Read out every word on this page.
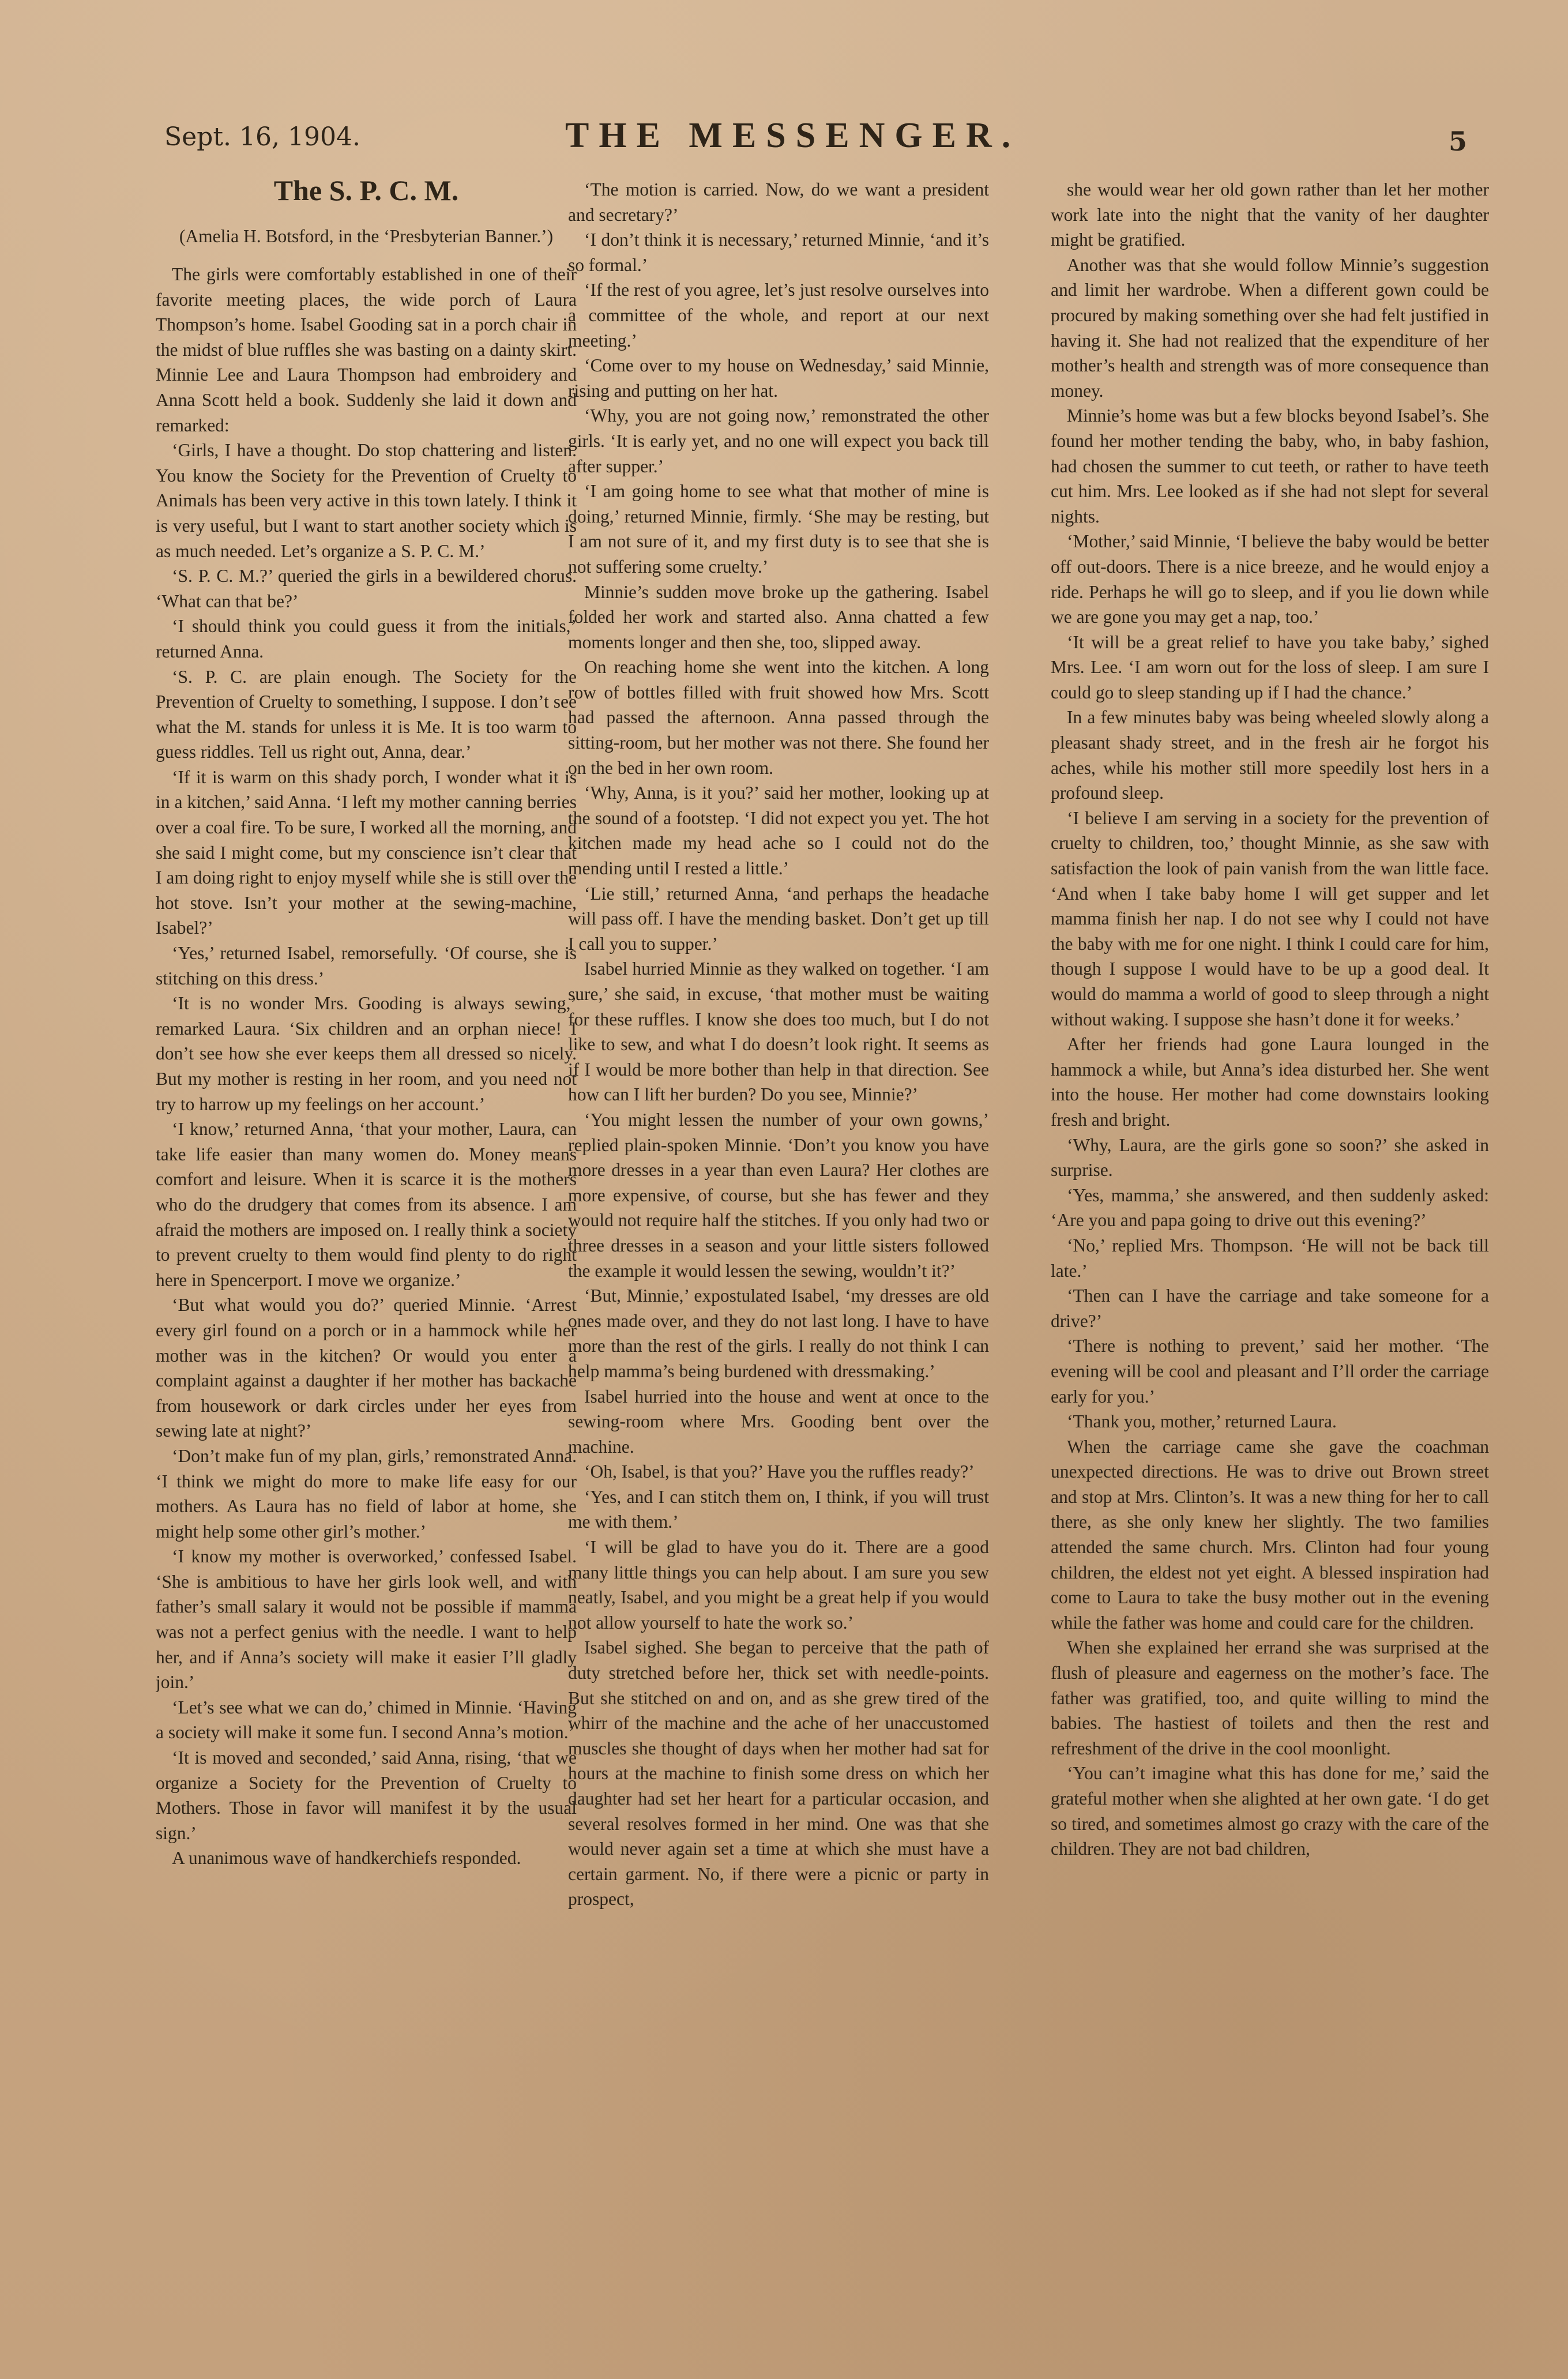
Sept. 16, 1904.	THE MESSENGER.	5

The S. P. C. M.

(Amelia H. Botsford, in the ‘Presbyterian Banner.’)

The girls were comfortably established in one of their favorite meeting places, the wide porch of Laura Thompson’s home. Isabel Gooding sat in a porch chair in the midst of blue ruffles she was basting on a dainty skirt. Minnie Lee and Laura Thompson had embroidery and Anna Scott held a book. Suddenly she laid it down and remarked:

‘Girls, I have a thought. Do stop chattering and listen. You know the Society for the Prevention of Cruelty to Animals has been very active in this town lately. I think it is very useful, but I want to start another society which is as much needed. Let’s organize a S. P. C. M.’

‘S. P. C. M.?’ queried the girls in a bewildered chorus. ‘What can that be?’

‘I should think you could guess it from the initials,’ returned Anna.

‘S. P. C. are plain enough. The Society for the Prevention of Cruelty to something, I suppose. I don’t see what the M. stands for unless it is Me. It is too warm to guess riddles. Tell us right out, Anna, dear.’

‘If it is warm on this shady porch, I wonder what it is in a kitchen,’ said Anna. ‘I left my mother canning berries over a coal fire. To be sure, I worked all the morning, and she said I might come, but my conscience isn’t clear that I am doing right to enjoy myself while she is still over the hot stove. Isn’t your mother at the sewing-machine, Isabel?’

‘Yes,’ returned Isabel, remorsefully. ‘Of course, she is stitching on this dress.’

‘It is no wonder Mrs. Gooding is always sewing,’ remarked Laura. ‘Six children and an orphan niece! I don’t see how she ever keeps them all dressed so nicely. But my mother is resting in her room, and you need not try to harrow up my feelings on her account.’

‘I know,’ returned Anna, ‘that your mother, Laura, can take life easier than many women do. Money means comfort and leisure. When it is scarce it is the mothers who do the drudgery that comes from its absence. I am afraid the mothers are imposed on. I really think a society to prevent cruelty to them would find plenty to do right here in Spencerport. I move we organize.’

‘But what would you do?’ queried Minnie. ‘Arrest every girl found on a porch or in a hammock while her mother was in the kitchen? Or would you enter a complaint against a daughter if her mother has backache from housework or dark circles under her eyes from sewing late at night?’

‘Don’t make fun of my plan, girls,’ remonstrated Anna. ‘I think we might do more to make life easy for our mothers. As Laura has no field of labor at home, she might help some other girl’s mother.’

‘I know my mother is overworked,’ confessed Isabel. ‘She is ambitious to have her girls look well, and with father’s small salary it would not be possible if mamma was not a perfect genius with the needle. I want to help her, and if Anna’s society will make it easier I’ll gladly join.’

‘Let’s see what we can do,’ chimed in Minnie. ‘Having a society will make it some fun. I second Anna’s motion.’

‘It is moved and seconded,’ said Anna, rising, ‘that we organize a Society for the Prevention of Cruelty to Mothers. Those in favor will manifest it by the usual sign.’

A unanimous wave of handkerchiefs responded.

‘The motion is carried. Now, do we want a president and secretary?’

‘I don’t think it is necessary,’ returned Minnie, ‘and it’s so formal.’

‘If the rest of you agree, let’s just resolve ourselves into a committee of the whole, and report at our next meeting.’

‘Come over to my house on Wednesday,’ said Minnie, rising and putting on her hat.

‘Why, you are not going now,’ remonstrated the other girls. ‘It is early yet, and no one will expect you back till after supper.’

‘I am going home to see what that mother of mine is doing,’ returned Minnie, firmly. ‘She may be resting, but I am not sure of it, and my first duty is to see that she is not suffering some cruelty.’

Minnie’s sudden move broke up the gathering. Isabel folded her work and started also. Anna chatted a few moments longer and then she, too, slipped away.

On reaching home she went into the kitchen. A long row of bottles filled with fruit showed how Mrs. Scott had passed the afternoon. Anna passed through the sitting-room, but her mother was not there. She found her on the bed in her own room.

‘Why, Anna, is it you?’ said her mother, looking up at the sound of a footstep. ‘I did not expect you yet. The hot kitchen made my head ache so I could not do the mending until I rested a little.’

‘Lie still,’ returned Anna, ‘and perhaps the headache will pass off. I have the mending basket. Don’t get up till I call you to supper.’

Isabel hurried Minnie as they walked on together. ‘I am sure,’ she said, in excuse, ‘that mother must be waiting for these ruffles. I know she does too much, but I do not like to sew, and what I do doesn’t look right. It seems as if I would be more bother than help in that direction. See how can I lift her burden? Do you see, Minnie?’

‘You might lessen the number of your own gowns,’ replied plain-spoken Minnie. ‘Don’t you know you have more dresses in a year than even Laura? Her clothes are more expensive, of course, but she has fewer and they would not require half the stitches. If you only had two or three dresses in a season and your little sisters followed the example it would lessen the sewing, wouldn’t it?’

‘But, Minnie,’ expostulated Isabel, ‘my dresses are old ones made over, and they do not last long. I have to have more than the rest of the girls. I really do not think I can help mamma’s being burdened with dressmaking.’

Isabel hurried into the house and went at once to the sewing-room where Mrs. Gooding bent over the machine.

‘Oh, Isabel, is that you?’ Have you the ruffles ready?’

‘Yes, and I can stitch them on, I think, if you will trust me with them.’

‘I will be glad to have you do it. There are a good many little things you can help about. I am sure you sew neatly, Isabel, and you might be a great help if you would not allow yourself to hate the work so.’

Isabel sighed. She began to perceive that the path of duty stretched before her, thick set with needle-points. But she stitched on and on, and as she grew tired of the whirr of the machine and the ache of her unaccustomed muscles she thought of days when her mother had sat for hours at the machine to finish some dress on which her daughter had set her heart for a particular occasion, and several resolves formed in her mind. One was that she would never again set a time at which she must have a certain garment. No, if there were a picnic or party in prospect,

she would wear her old gown rather than let her mother work late into the night that the vanity of her daughter might be gratified.

Another was that she would follow Minnie’s suggestion and limit her wardrobe. When a different gown could be procured by making something over she had felt justified in having it. She had not realized that the expenditure of her mother’s health and strength was of more consequence than money.

Minnie’s home was but a few blocks beyond Isabel’s. She found her mother tending the baby, who, in baby fashion, had chosen the summer to cut teeth, or rather to have teeth cut him. Mrs. Lee looked as if she had not slept for several nights.

‘Mother,’ said Minnie, ‘I believe the baby would be better off out-doors. There is a nice breeze, and he would enjoy a ride. Perhaps he will go to sleep, and if you lie down while we are gone you may get a nap, too.’

‘It will be a great relief to have you take baby,’ sighed Mrs. Lee. ‘I am worn out for the loss of sleep. I am sure I could go to sleep standing up if I had the chance.’

In a few minutes baby was being wheeled slowly along a pleasant shady street, and in the fresh air he forgot his aches, while his mother still more speedily lost hers in a profound sleep.

‘I believe I am serving in a society for the prevention of cruelty to children, too,’ thought Minnie, as she saw with satisfaction the look of pain vanish from the wan little face. ‘And when I take baby home I will get supper and let mamma finish her nap. I do not see why I could not have the baby with me for one night. I think I could care for him, though I suppose I would have to be up a good deal. It would do mamma a world of good to sleep through a night without waking. I suppose she hasn’t done it for weeks.’

After her friends had gone Laura lounged in the hammock a while, but Anna’s idea disturbed her. She went into the house. Her mother had come downstairs looking fresh and bright.

‘Why, Laura, are the girls gone so soon?’ she asked in surprise.

‘Yes, mamma,’ she answered, and then suddenly asked: ‘Are you and papa going to drive out this evening?’

‘No,’ replied Mrs. Thompson. ‘He will not be back till late.’

‘Then can I have the carriage and take someone for a drive?’

‘There is nothing to prevent,’ said her mother. ‘The evening will be cool and pleasant and I’ll order the carriage early for you.’

‘Thank you, mother,’ returned Laura.

When the carriage came she gave the coachman unexpected directions. He was to drive out Brown street and stop at Mrs. Clinton’s. It was a new thing for her to call there, as she only knew her slightly. The two families attended the same church. Mrs. Clinton had four young children, the eldest not yet eight. A blessed inspiration had come to Laura to take the busy mother out in the evening while the father was home and could care for the children.

When she explained her errand she was surprised at the flush of pleasure and eagerness on the mother’s face. The father was gratified, too, and quite willing to mind the babies. The hastiest of toilets and then the rest and refreshment of the drive in the cool moonlight.

‘You can’t imagine what this has done for me,’ said the grateful mother when she alighted at her own gate. ‘I do get so tired, and sometimes almost go crazy with the care of the children. They are not bad children,
